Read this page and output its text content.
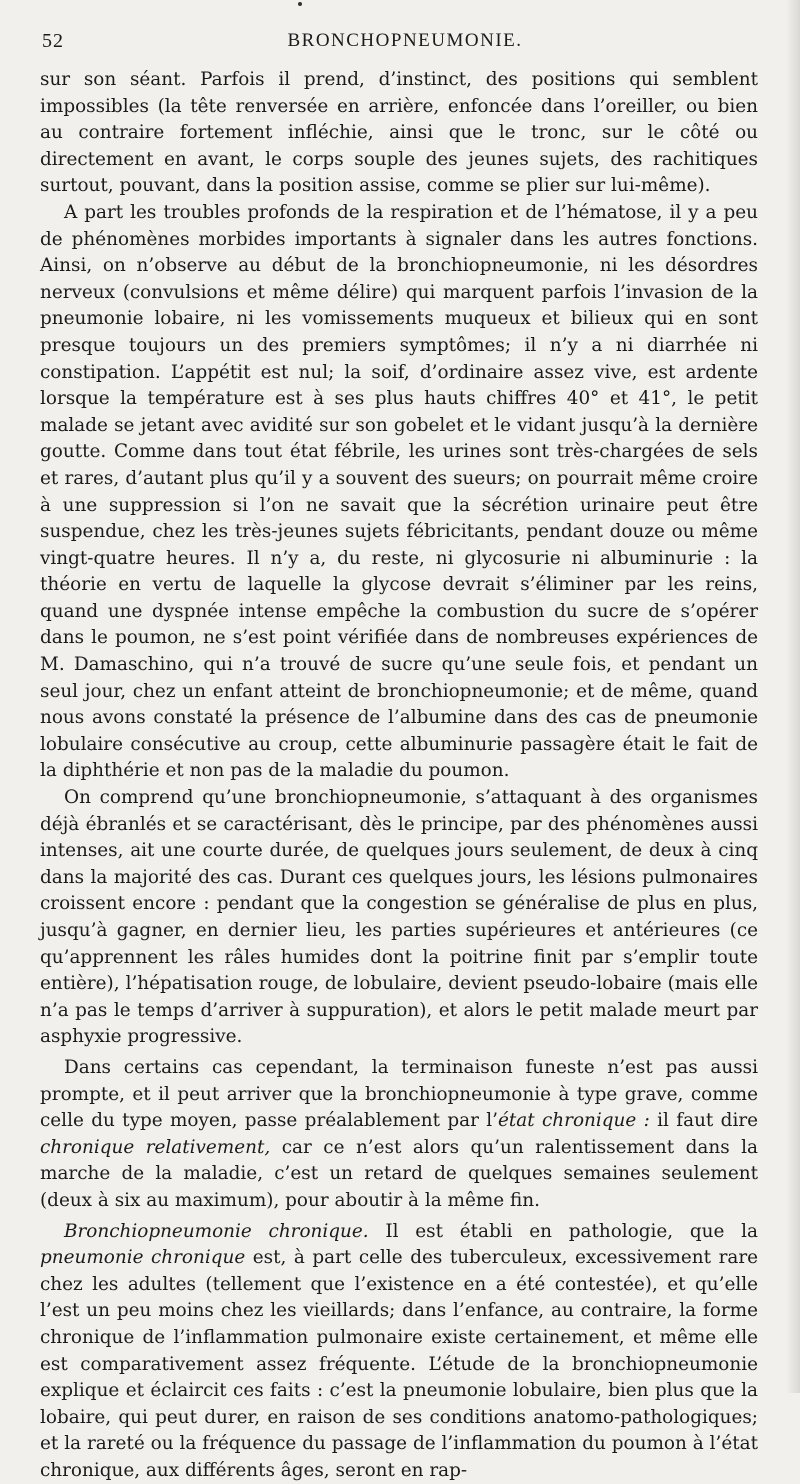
52	BRONCHOPNEUMONIE.

sur son séant. Parfois il prend, d’instinct, des positions qui semblent impossibles (la tête renversée en arrière, enfoncée dans l’oreiller, ou bien au contraire fortement infléchie, ainsi que le tronc, sur le côté ou directement en avant, le corps souple des jeunes sujets, des rachitiques surtout, pouvant, dans la position assise, comme se plier sur lui-même).

A part les troubles profonds de la respiration et de l’hématose, il y a peu de phénomènes morbides importants à signaler dans les autres fonctions. Ainsi, on n’observe au début de la bronchiopneumonie, ni les désordres nerveux (convulsions et même délire) qui marquent parfois l’invasion de la pneumonie lobaire, ni les vomissements muqueux et bilieux qui en sont presque toujours un des premiers symptômes; il n’y a ni diarrhée ni constipation. L’appétit est nul; la soif, d’ordinaire assez vive, est ardente lorsque la température est à ses plus hauts chiffres 40° et 41°, le petit malade se jetant avec avidité sur son gobelet et le vidant jusqu’à la dernière goutte. Comme dans tout état fébrile, les urines sont très-chargées de sels et rares, d’autant plus qu’il y a souvent des sueurs; on pourrait même croire à une suppression si l’on ne savait que la sécrétion urinaire peut être suspendue, chez les très-jeunes sujets fébricitants, pendant douze ou même vingt-quatre heures. Il n’y a, du reste, ni glycosurie ni albuminurie : la théorie en vertu de laquelle la glycose devrait s’éliminer par les reins, quand une dyspnée intense empêche la combustion du sucre de s’opérer dans le poumon, ne s’est point vérifiée dans de nombreuses expériences de M. Damaschino, qui n’a trouvé de sucre qu’une seule fois, et pendant un seul jour, chez un enfant atteint de bronchiopneumonie; et de même, quand nous avons constaté la présence de l’albumine dans des cas de pneumonie lobulaire consécutive au croup, cette albuminurie passagère était le fait de la diphthérie et non pas de la maladie du poumon.

On comprend qu’une bronchiopneumonie, s’attaquant à des organismes déjà ébranlés et se caractérisant, dès le principe, par des phénomènes aussi intenses, ait une courte durée, de quelques jours seulement, de deux à cinq dans la majorité des cas. Durant ces quelques jours, les lésions pulmonaires croissent encore : pendant que la congestion se généralise de plus en plus, jusqu’à gagner, en dernier lieu, les parties supérieures et antérieures (ce qu’apprennent les râles humides dont la poitrine finit par s’emplir toute entière), l’hépatisation rouge, de lobulaire, devient pseudo-lobaire (mais elle n’a pas le temps d’arriver à suppuration), et alors le petit malade meurt par asphyxie progressive.

Dans certains cas cependant, la terminaison funeste n’est pas aussi prompte, et il peut arriver que la bronchiopneumonie à type grave, comme celle du type moyen, passe préalablement par l’état chronique : il faut dire chronique relativement, car ce n’est alors qu’un ralentissement dans la marche de la maladie, c’est un retard de quelques semaines seulement (deux à six au maximum), pour aboutir à la même fin.

Bronchiopneumonie chronique. Il est établi en pathologie, que la pneumonie chronique est, à part celle des tuberculeux, excessivement rare chez les adultes (tellement que l’existence en a été contestée), et qu’elle l’est un peu moins chez les vieillards; dans l’enfance, au contraire, la forme chronique de l’inflammation pulmonaire existe certainement, et même elle est comparativement assez fréquente. L’étude de la bronchiopneumonie explique et éclaircit ces faits : c’est la pneumonie lobulaire, bien plus que la lobaire, qui peut durer, en raison de ses conditions anatomo-pathologiques; et la rareté ou la fréquence du passage de l’inflammation du poumon à l’état chronique, aux différents âges, seront en rap-
